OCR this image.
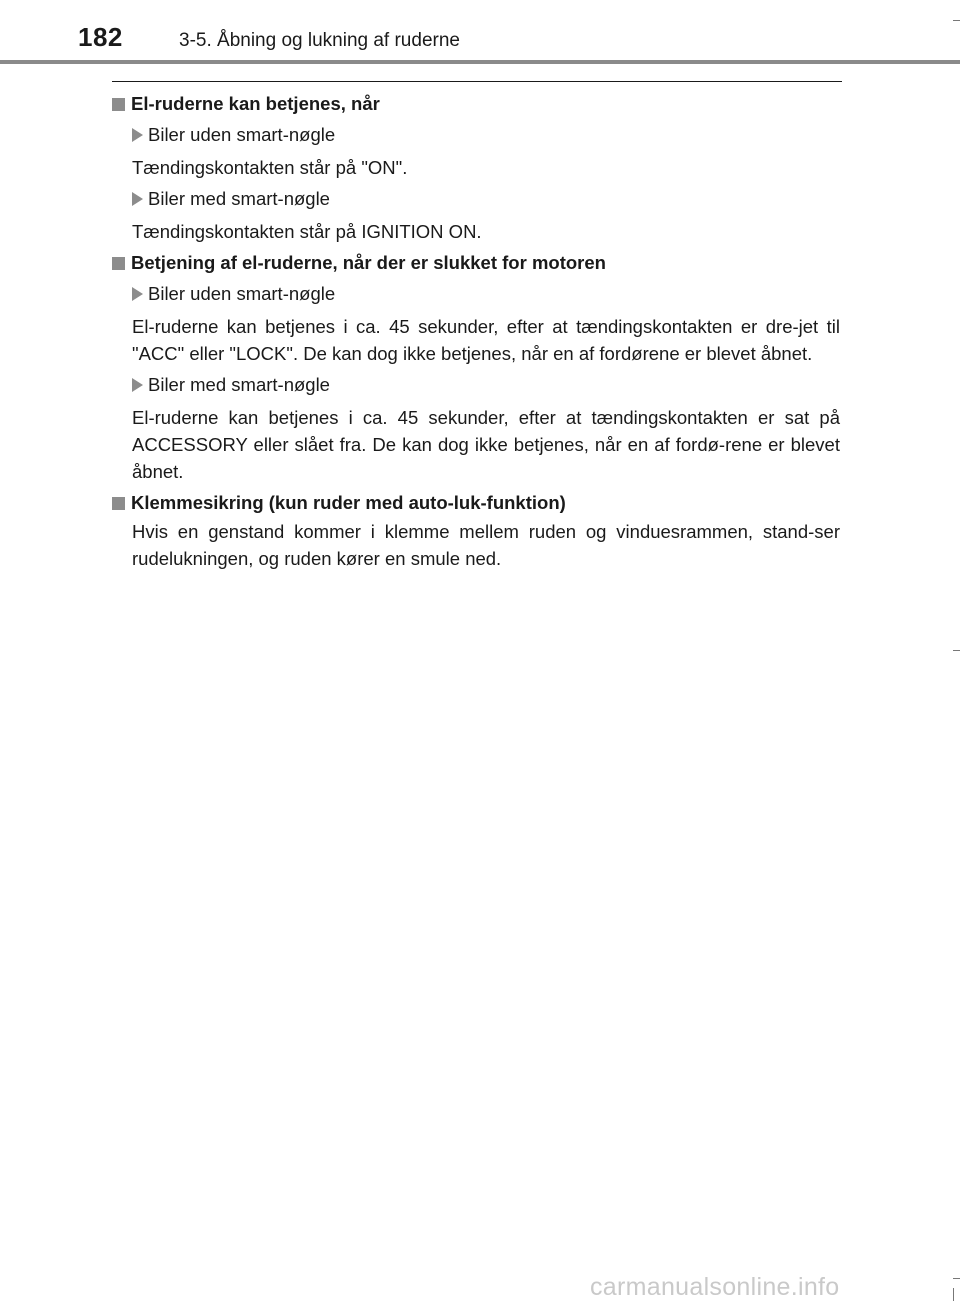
182	3-5. Åbning og lukning af ruderne
El-ruderne kan betjenes, når
Biler uden smart-nøgle
Tændingskontakten står på "ON".
Biler med smart-nøgle
Tændingskontakten står på IGNITION ON.
Betjening af el-ruderne, når der er slukket for motoren
Biler uden smart-nøgle
El-ruderne kan betjenes i ca. 45 sekunder, efter at tændingskontakten er dre-jet til "ACC" eller "LOCK". De kan dog ikke betjenes, når en af fordørene er blevet åbnet.
Biler med smart-nøgle
El-ruderne kan betjenes i ca. 45 sekunder, efter at tændingskontakten er sat på ACCESSORY eller slået fra. De kan dog ikke betjenes, når en af fordø-rene er blevet åbnet.
Klemmesikring (kun ruder med auto-luk-funktion)
Hvis en genstand kommer i klemme mellem ruden og vinduesrammen, stand-ser rudelukningen, og ruden kører en smule ned.
carmanualsonline.info
